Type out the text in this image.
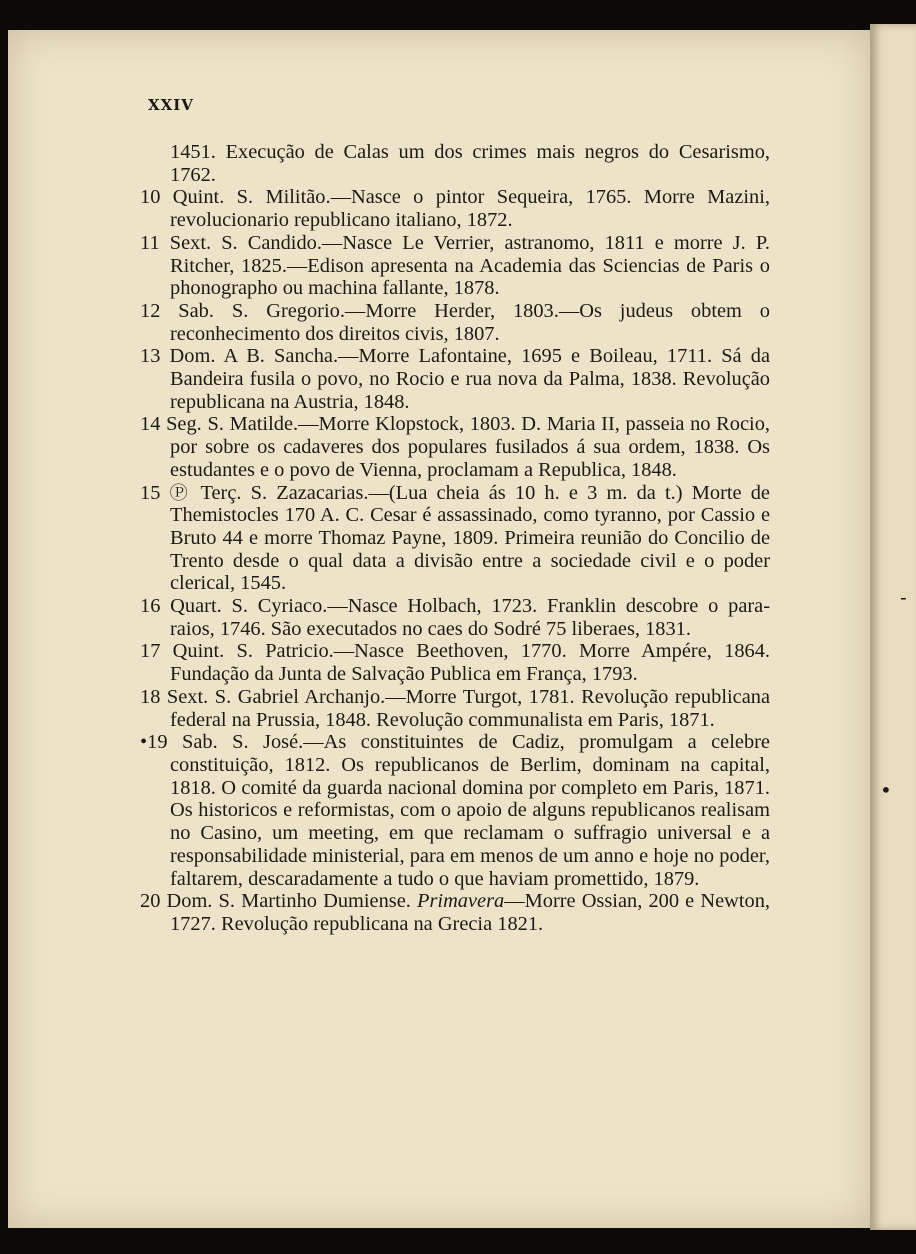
XXIV
1451. Execução de Calas um dos crimes mais negros do Cesarismo, 1762.
10 Quint. S. Militão.—Nasce o pintor Sequeira, 1765. Morre Mazini, revolucionario republicano italiano, 1872.
11 Sext. S. Candido.—Nasce Le Verrier, astranomo, 1811 e morre J. P. Ritcher, 1825.—Edison apresenta na Academia das Sciencias de Paris o phonographo ou machina fallante, 1878.
12 Sab. S. Gregorio.—Morre Herder, 1803.—Os judeus obtem o reconhecimento dos direitos civis, 1807.
13 Dom. A B. Sancha.—Morre Lafontaine, 1695 e Boileau, 1711. Sá da Bandeira fusila o povo, no Rocio e rua nova da Palma, 1838. Revolução republicana na Austria, 1848.
14 Seg. S. Matilde.—Morre Klopstock, 1803. D. Maria II, passeia no Rocio, por sobre os cadaveres dos populares fusilados á sua ordem, 1838. Os estudantes e o povo de Vienna, proclamam a Republica, 1848.
15 Ⓟ Terç. S. Zazacarias.—(Lua cheia ás 10 h. e 3 m. da t.) Morte de Themistocles 170 A. C. Cesar é assassinado, como tyranno, por Cassio e Bruto 44 e morre Thomaz Payne, 1809. Primeira reunião do Concilio de Trento desde o qual data a divisão entre a sociedade civil e o poder clerical, 1545.
16 Quart. S. Cyriaco.—Nasce Holbach, 1723. Franklin descobre o para-raios, 1746. São executados no caes do Sodré 75 liberaes, 1831.
17 Quint. S. Patricio.—Nasce Beethoven, 1770. Morre Ampére, 1864. Fundação da Junta de Salvação Publica em França, 1793.
18 Sext. S. Gabriel Archanjo.—Morre Turgot, 1781. Revolução republicana federal na Prussia, 1848. Revolução communalista em Paris, 1871.
•19 Sab. S. José.—As constituintes de Cadiz, promulgam a celebre constituição, 1812. Os republicanos de Berlim, dominam na capital, 1818. O comité da guarda nacional domina por completo em Paris, 1871. Os historicos e reformistas, com o apoio de alguns republicanos realisam no Casino, um meeting, em que reclamam o suffragio universal e a responsabilidade ministerial, para em menos de um anno e hoje no poder, faltarem, descaradamente a tudo o que haviam promettido, 1879.
20 Dom. S. Martinho Dumiense. Primavera—Morre Ossian, 200 e Newton, 1727. Revolução republicana na Grecia 1821.
-
•
